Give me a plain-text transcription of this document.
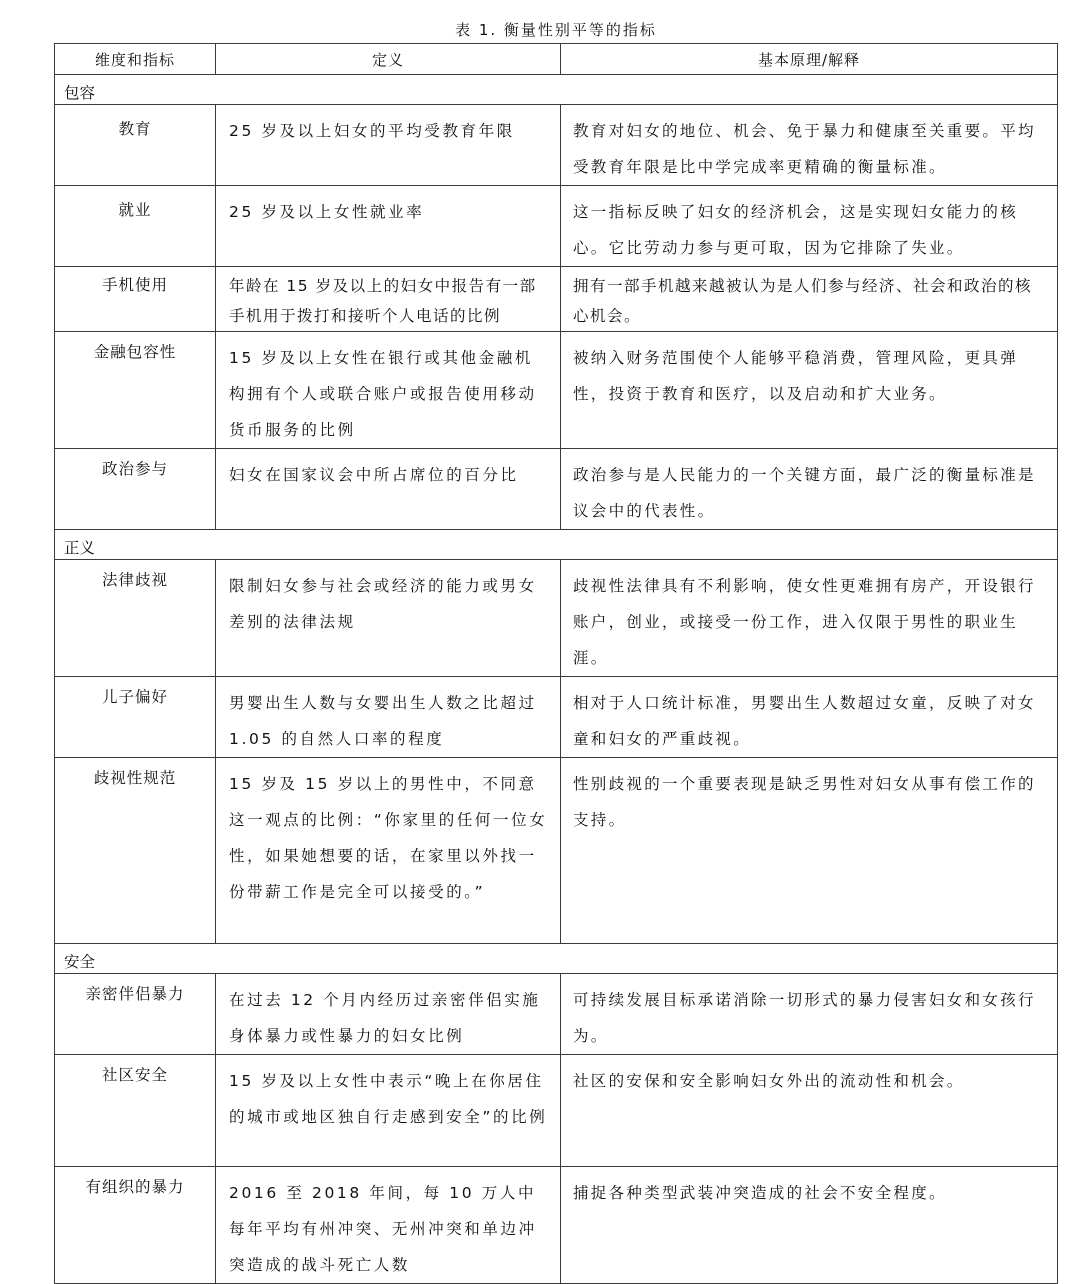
表 1. 衡量性别平等的指标
维度和指标	定义	基本原理/解释
包容		
教育	25 岁及以上妇女的平均受教育年限	教育对妇女的地位、机会、免于暴力和健康至关重要。平均受教育年限是比中学完成率更精确的衡量标准。
就业	25 岁及以上女性就业率	这一指标反映了妇女的经济机会，这是实现妇女能力的核心。它比劳动力参与更可取，因为它排除了失业。
手机使用	年龄在 15 岁及以上的妇女中报告有一部手机用于拨打和接听个人电话的比例	拥有一部手机越来越被认为是人们参与经济、社会和政治的核心机会。
金融包容性	15 岁及以上女性在银行或其他金融机构拥有个人或联合账户或报告使用移动货币服务的比例	被纳入财务范围使个人能够平稳消费，管理风险，更具弹性，投资于教育和医疗，以及启动和扩大业务。
政治参与	妇女在国家议会中所占席位的百分比	政治参与是人民能力的一个关键方面，最广泛的衡量标准是议会中的代表性。
正义		
法律歧视	限制妇女参与社会或经济的能力或男女差别的法律法规	歧视性法律具有不利影响，使女性更难拥有房产，开设银行账户，创业，或接受一份工作，进入仅限于男性的职业生涯。
儿子偏好	男婴出生人数与女婴出生人数之比超过 1.05 的自然人口率的程度	相对于人口统计标准，男婴出生人数超过女童，反映了对女童和妇女的严重歧视。
歧视性规范	15 岁及 15 岁以上的男性中，不同意这一观点的比例：“你家里的任何一位女性，如果她想要的话，在家里以外找一份带薪工作是完全可以接受的。”	性别歧视的一个重要表现是缺乏男性对妇女从事有偿工作的支持。
安全		
亲密伴侣暴力	在过去 12 个月内经历过亲密伴侣实施身体暴力或性暴力的妇女比例	可持续发展目标承诺消除一切形式的暴力侵害妇女和女孩行为。
社区安全	15 岁及以上女性中表示“晚上在你居住的城市或地区独自行走感到安全”的比例	社区的安保和安全影响妇女外出的流动性和机会。
有组织的暴力	2016 至 2018 年间，每 10 万人中每年平均有州冲突、无州冲突和单边冲突造成的战斗死亡人数	捕捉各种类型武装冲突造成的社会不安全程度。
